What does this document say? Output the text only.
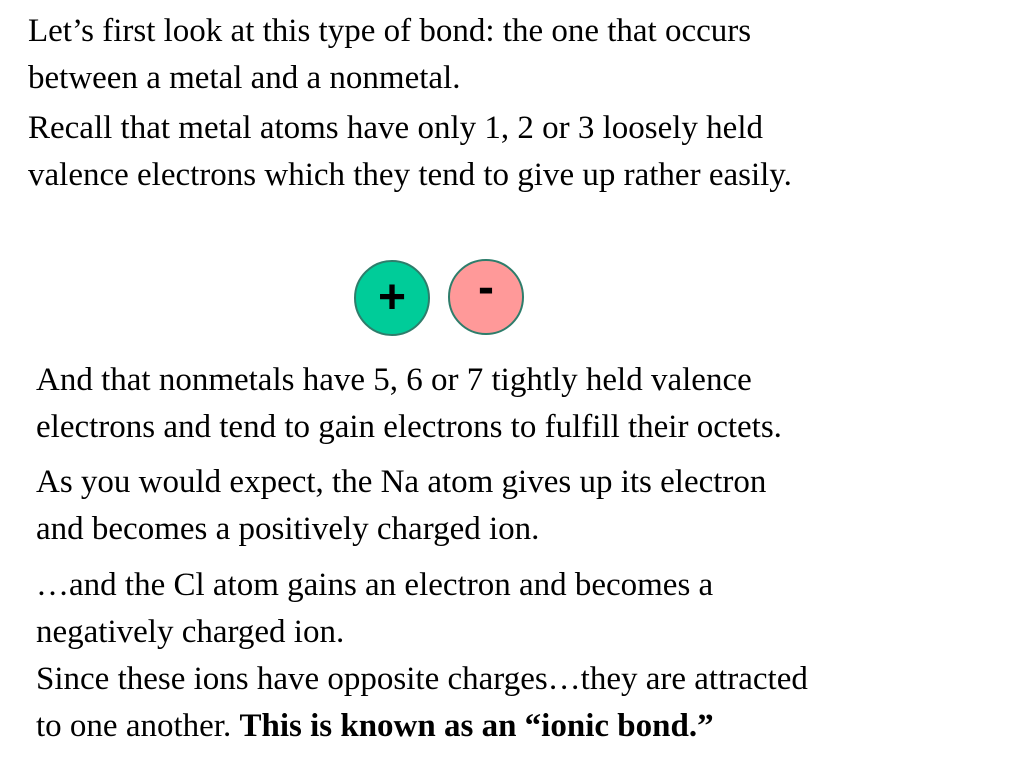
Let’s first look at this type of bond: the one that occurs
between a metal and a nonmetal.

Recall that metal atoms have only 1, 2 or 3 loosely held
valence electrons which they tend to give up rather easily.

+	-

And that nonmetals have 5, 6 or 7 tightly held valence
electrons and tend to gain electrons to fulfill their octets.

As you would expect, the Na atom gives up its electron
and becomes a positively charged ion.

…and the Cl atom gains an electron and becomes a
negatively charged ion.

Since these ions have opposite charges…they are attracted
to one another. This is known as an “ionic bond.”
